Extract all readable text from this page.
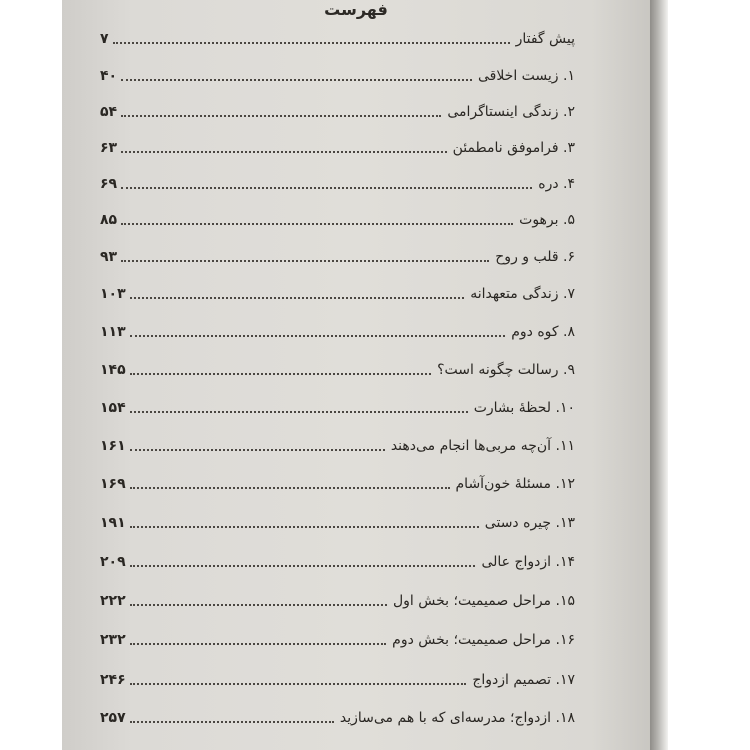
فهرست
۷	پیش گفتار
۴۰	۱. زیست اخلاقی
۵۴	۲. زندگی اینستاگرامی
۶۳	۳. فراموفق نامطمئن
۶۹	۴. دره
۸۵	۵. برهوت
۹۳	۶. قلب و روح
۱۰۳	۷. زندگی متعهدانه
۱۱۳	۸. کوه دوم
۱۴۵	۹. رسالت چگونه است؟
۱۵۴	۱۰. لحظهٔ بشارت
۱۶۱	۱۱. آن‌چه مربی‌ها انجام می‌دهند
۱۶۹	۱۲. مسئلهٔ خون‌آشام
۱۹۱	۱۳. چیره دستی
۲۰۹	۱۴. ازدواج عالی
۲۲۲	۱۵. مراحل صمیمیت؛ بخش اول
۲۳۲	۱۶. مراحل صمیمیت؛ بخش دوم
۲۴۶	۱۷. تصمیم ازدواج
۲۵۷	۱۸. ازدواج؛ مدرسه‌ای که با هم می‌سازید
